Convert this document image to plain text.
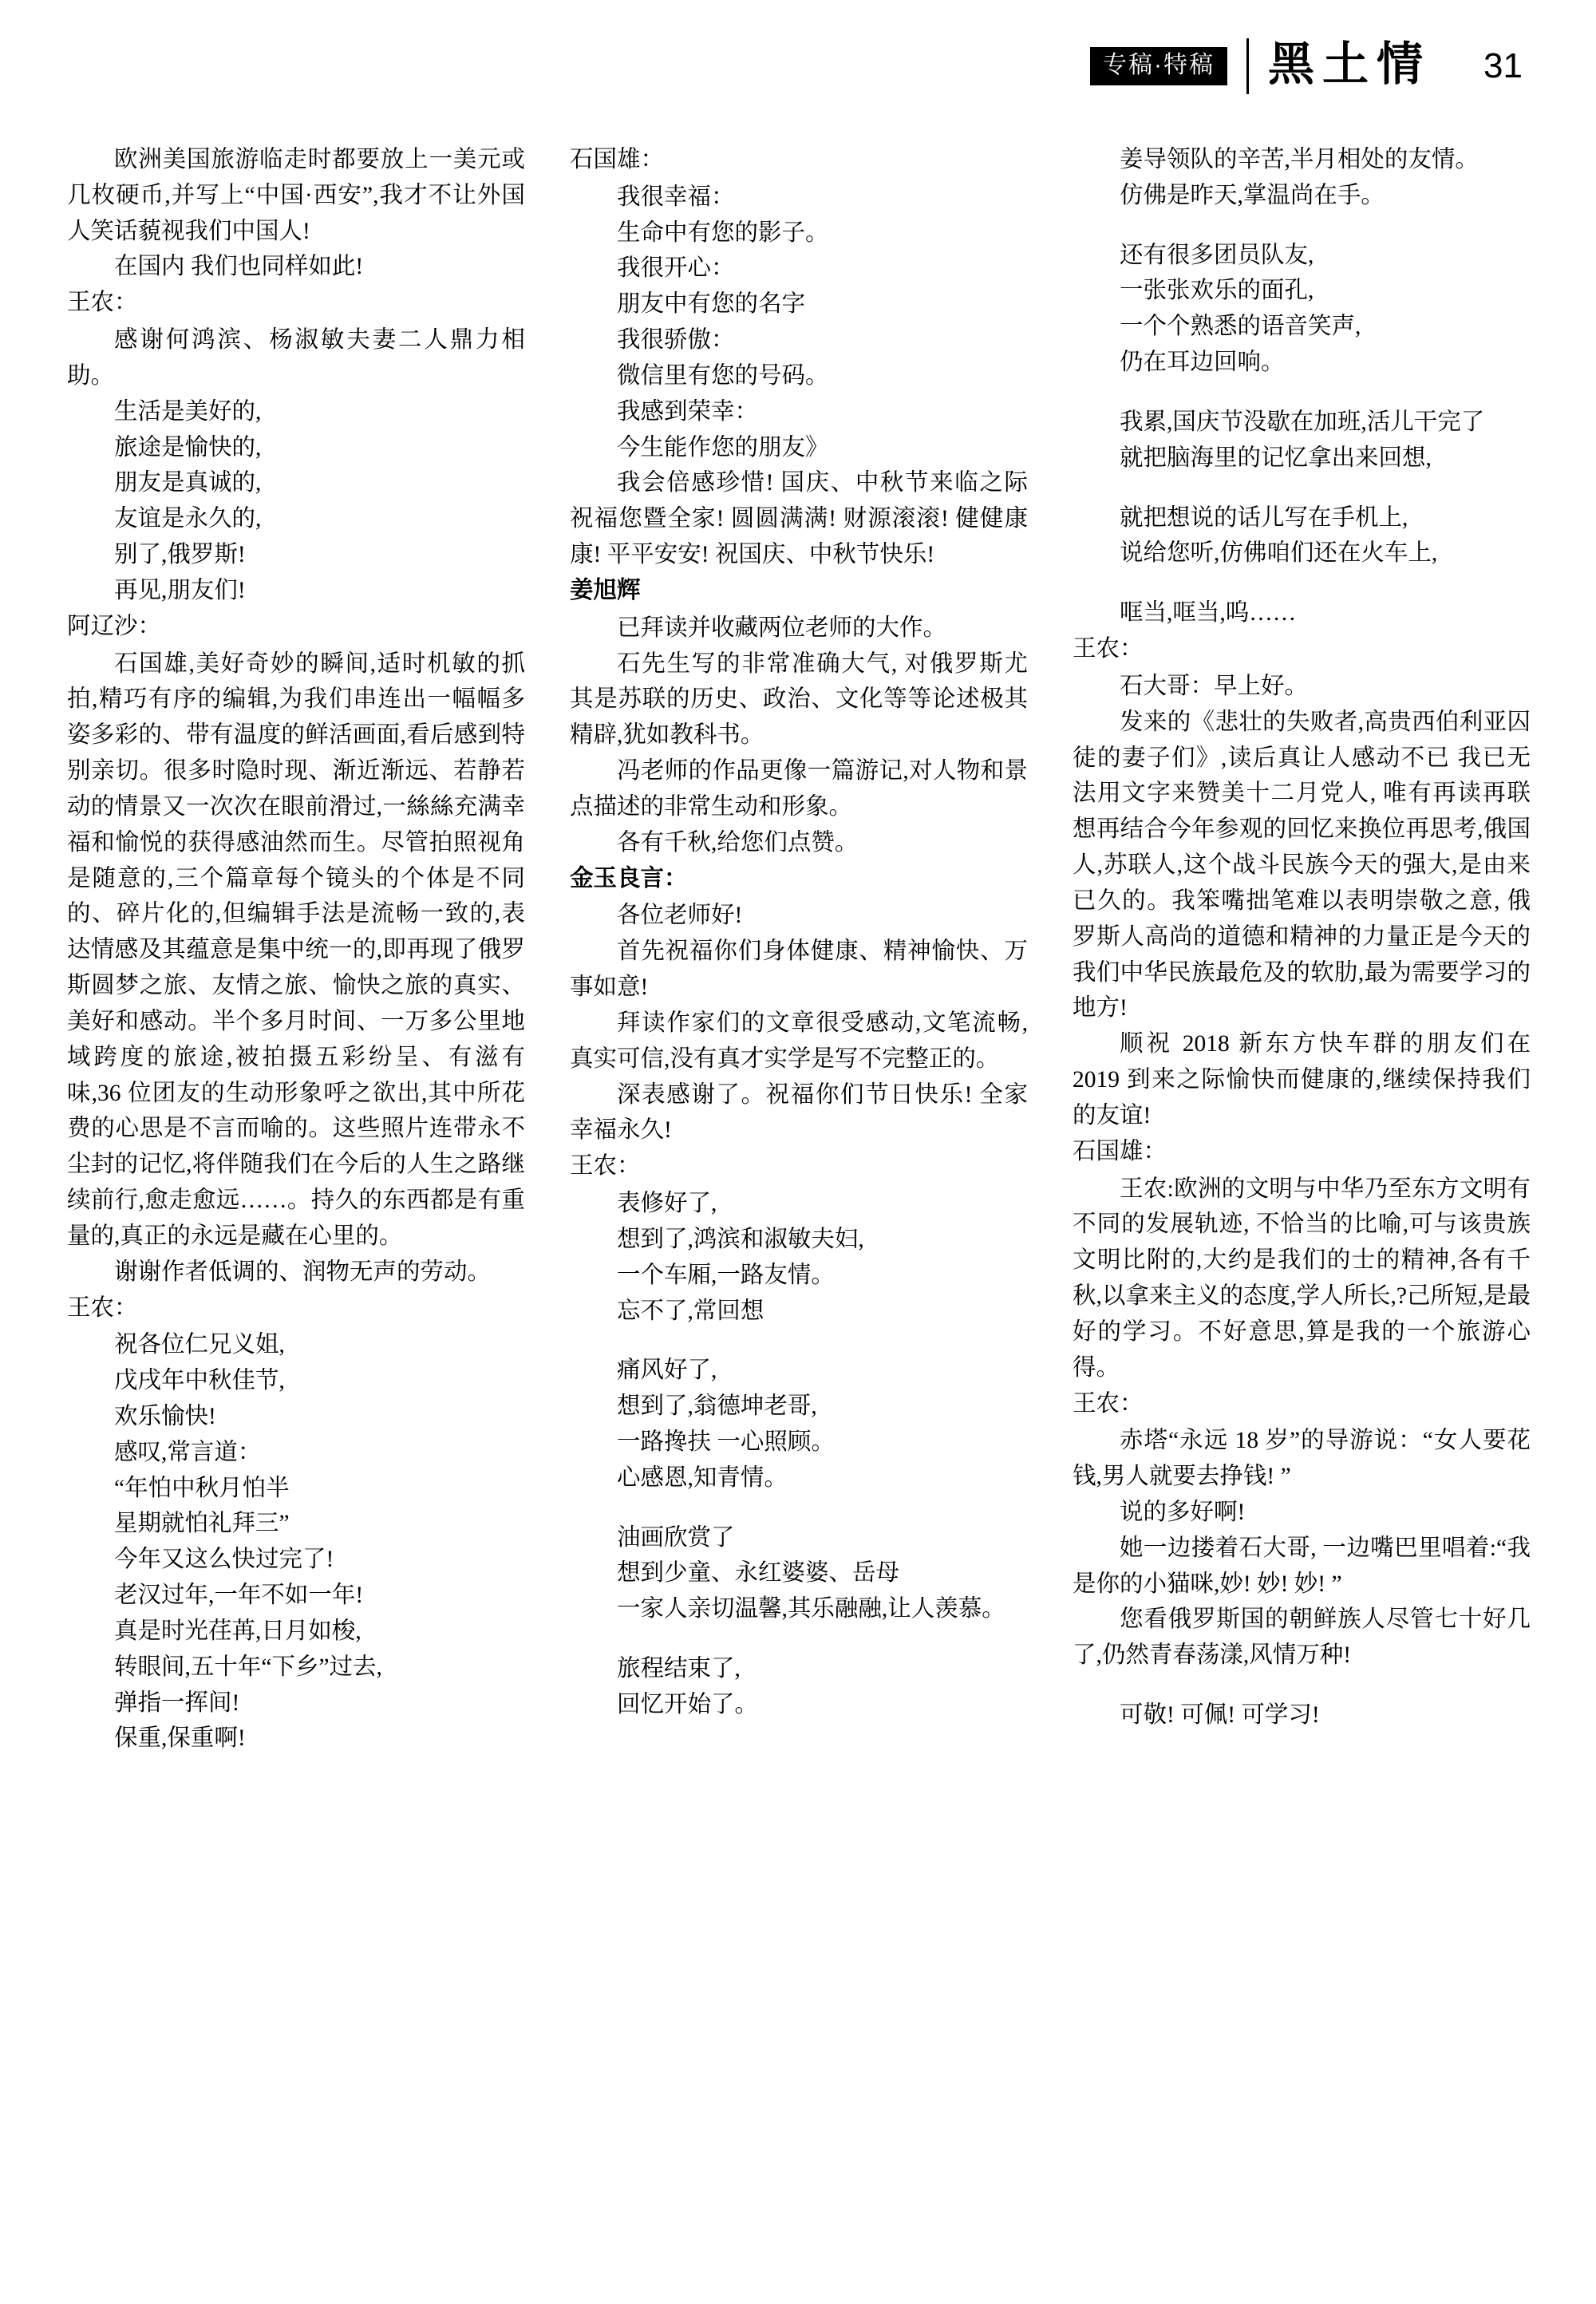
专稿·特稿 黑土情 31
欧洲美国旅游临走时都要放上一美元或几枚硬币,并写上“中国·西安”,我才不让外国人笑话藐视我们中国人!
在国内 我们也同样如此!
王农：
感谢何鸿滨、杨淑敏夫妻二人鼎力相助。
生活是美好的,
旅途是愉快的,
朋友是真诚的,
友谊是永久的,
别了,俄罗斯!
再见,朋友们!
阿辽沙：
石国雄,美好奇妙的瞬间,适时机敏的抓拍,精巧有序的编辑,为我们串连出一幅幅多姿多彩的、带有温度的鲜活画面,看后感到特别亲切。很多时隐时现、渐近渐远、若静若动的情景又一次次在眼前滑过,一絲絲充满幸福和愉悦的获得感油然而生。尽管拍照视角是随意的,三个篇章每个镜头的个体是不同的、碎片化的,但编辑手法是流畅一致的,表达情感及其蕴意是集中统一的,即再现了俄罗斯圆梦之旅、友情之旅、愉快之旅的真实、美好和感动。半个多月时间、一万多公里地域跨度的旅途,被拍摄五彩纷呈、有滋有味,36 位团友的生动形象呼之欲出,其中所花费的心思是不言而喻的。这些照片连带永不尘封的记忆,将伴随我们在今后的人生之路继续前行,愈走愈远……。持久的东西都是有重量的,真正的永远是藏在心里的。
谢谢作者低调的、润物无声的劳动。
王农：
祝各位仁兄义姐,
戊戌年中秋佳节,
欢乐愉快!
感叹,常言道：
“年怕中秋月怕半
星期就怕礼拜三”
今年又这么快过完了!
老汉过年,一年不如一年!
真是时光荏苒,日月如梭,
转眼间,五十年“下乡”过去,
弹指一挥间!
保重,保重啊!
石国雄：
我很幸福：
生命中有您的影子。
我很开心：
朋友中有您的名字
我很骄傲：
微信里有您的号码。
我感到荣幸：
今生能作您的朋友》
我会倍感珍惜! 国庆、中秋节来临之际祝福您暨全家! 圆圆满满! 财源滚滚! 健健康康! 平平安安! 祝国庆、中秋节快乐!
姜旭辉
已拜读并收藏两位老师的大作。
石先生写的非常准确大气, 对俄罗斯尤其是苏联的历史、政治、文化等等论述极其精辟,犹如教科书。
冯老师的作品更像一篇游记,对人物和景点描述的非常生动和形象。
各有千秋,给您们点赞。
金玉良言：
各位老师好!
首先祝福你们身体健康、精神愉快、万事如意!
拜读作家们的文章很受感动,文笔流畅,真实可信,没有真才实学是写不完整正的。
深表感谢了。祝福你们节日快乐! 全家幸福永久!
王农：
表修好了,
想到了,鸿滨和淑敏夫妇,
一个车厢,一路友情。
忘不了,常回想
痛风好了,
想到了,翁德坤老哥,
一路搀扶 一心照顾。
心感恩,知青情。
油画欣赏了
想到少童、永红婆婆、岳母
一家人亲切温馨,其乐融融,让人羡慕。
旅程结束了,
回忆开始了。
姜导领队的辛苦,半月相处的友情。
仿佛是昨天,掌温尚在手。
还有很多团员队友,
一张张欢乐的面孔,
一个个熟悉的语音笑声,
仍在耳边回响。
我累,国庆节没歇在加班,活儿干完了
就把脑海里的记忆拿出来回想,
就把想说的话儿写在手机上,
说给您听,仿佛咱们还在火车上,
哐当,哐当,呜……
王农：
石大哥：早上好。
发来的《悲壮的失败者,高贵西伯利亚囚徒的妻子们》,读后真让人感动不已 我已无法用文字来赞美十二月党人, 唯有再读再联想再结合今年参观的回忆来换位再思考,俄国人,苏联人,这个战斗民族今天的强大,是由来已久的。我笨嘴拙笔难以表明崇敬之意, 俄罗斯人高尚的道德和精神的力量正是今天的我们中华民族最危及的软肋,最为需要学习的地方!
顺祝 2018 新东方快车群的朋友们在 2019 到来之际愉快而健康的,继续保持我们的友谊!
石国雄：
王农:欧洲的文明与中华乃至东方文明有不同的发展轨迹, 不恰当的比喻,可与该贵族文明比附的,大约是我们的士的精神,各有千秋,以拿来主义的态度,学人所长,?己所短,是最好的学习。不好意思,算是我的一个旅游心得。
王农：
赤塔“永远 18 岁”的导游说：“女人要花钱,男人就要去挣钱! ”
说的多好啊!
她一边搂着石大哥, 一边嘴巴里唱着:“我是你的小猫咪,妙! 妙! 妙! ”
您看俄罗斯国的朝鲜族人尽管七十好几了,仍然青春荡漾,风情万种!
可敬! 可佩! 可学习!
